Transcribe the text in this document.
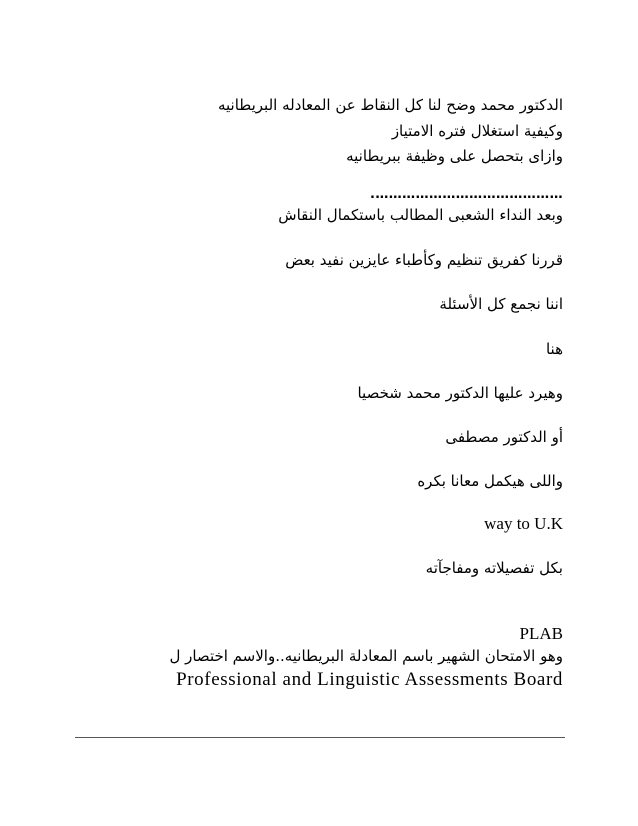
الدكتور محمد وضح لنا كل النقاط عن المعادله البريطانيه
وكيفية استغلال فتره الامتياز
وازاى بتحصل على وظيفة ببريطانيه
…………………………………….
وبعد النداء الشعبى المطالب باستكمال النقاش
قررنا كفريق تنظيم وكأطباء عايزين نفيد بعض
اننا نجمع كل الأسئلة
هنا
وهيرد عليها الدكتور محمد شخصيا
أو الدكتور مصطفى
واللى هيكمل معانا بكره
way to U.K
بكل تفصيلاته ومفاجآته
PLAB
وهو الامتحان الشهير باسم المعادلة البريطانيه..والاسم اختصار ل
Professional and Linguistic Assessments Board
